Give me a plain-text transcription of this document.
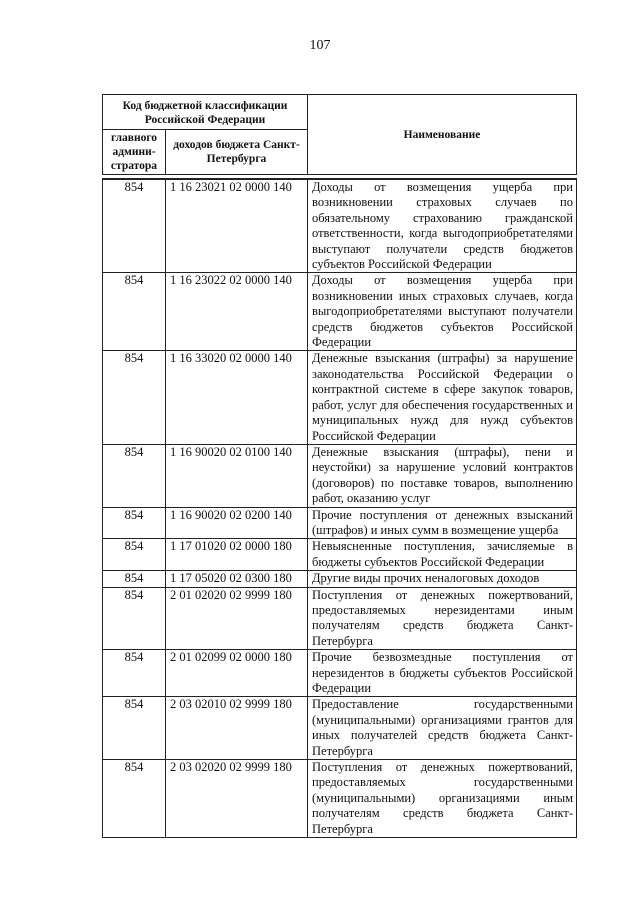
107
Код бюджетной классификации Российской Федерации		Наименование
главного админи-стратора	доходов бюджета Санкт-Петербурга	
854	1 16 23021 02 0000 140	Доходы от возмещения ущерба при возникновении страховых случаев по обязательному страхованию гражданской ответственности, когда выгодоприобретателями выступают получатели средств бюджетов субъектов Российской Федерации
854	1 16 23022 02 0000 140	Доходы от возмещения ущерба при возникновении иных страховых случаев, когда выгодоприобретателями выступают получатели средств бюджетов субъектов Российской Федерации
854	1 16 33020 02 0000 140	Денежные взыскания (штрафы) за нарушение законодательства Российской Федерации о контрактной системе в сфере закупок товаров, работ, услуг для обеспечения государственных и муниципальных нужд для нужд субъектов Российской Федерации
854	1 16 90020 02 0100 140	Денежные взыскания (штрафы), пени и неустойки) за нарушение условий контрактов (договоров) по поставке товаров, выполнению работ, оказанию услуг
854	1 16 90020 02 0200 140	Прочие поступления от денежных взысканий (штрафов) и иных сумм в возмещение ущерба
854	1 17 01020 02 0000 180	Невыясненные поступления, зачисляемые в бюджеты субъектов Российской Федерации
854	1 17 05020 02 0300 180	Другие виды прочих неналоговых доходов
854	2 01 02020 02 9999 180	Поступления от денежных пожертвований, предоставляемых нерезидентами иным получателям средств бюджета Санкт-Петербурга
854	2 01 02099 02 0000 180	Прочие безвозмездные поступления от нерезидентов в бюджеты субъектов Российской Федерации
854	2 03 02010 02 9999 180	Предоставление государственными (муниципальными) организациями грантов для иных получателей средств бюджета Санкт-Петербурга
854	2 03 02020 02 9999 180	Поступления от денежных пожертвований, предоставляемых государственными (муниципальными) организациями иным получателям средств бюджета Санкт-Петербурга
